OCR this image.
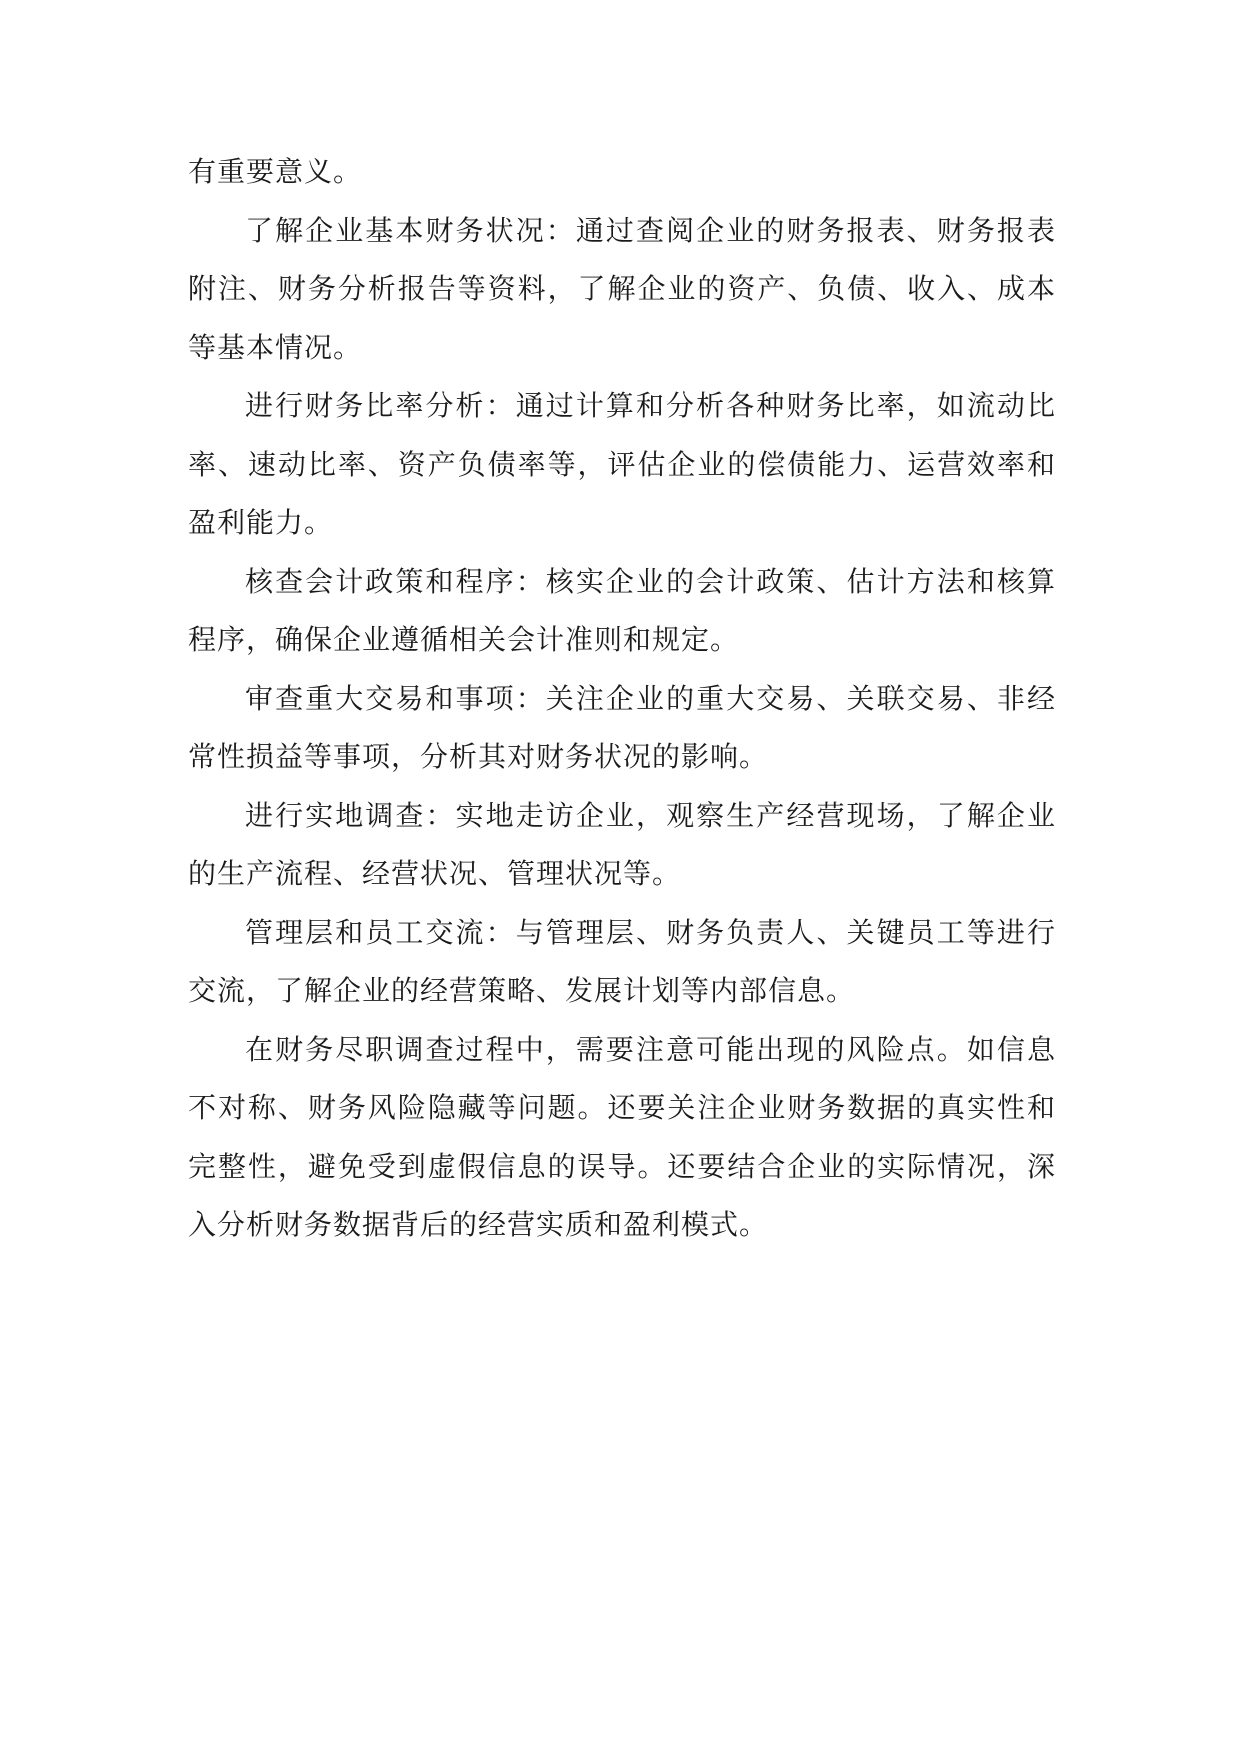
有重要意义。

了解企业基本财务状况：通过查阅企业的财务报表、财务报表附注、财务分析报告等资料，了解企业的资产、负债、收入、成本等基本情况。

进行财务比率分析：通过计算和分析各种财务比率，如流动比率、速动比率、资产负债率等，评估企业的偿债能力、运营效率和盈利能力。

核查会计政策和程序：核实企业的会计政策、估计方法和核算程序，确保企业遵循相关会计准则和规定。

审查重大交易和事项：关注企业的重大交易、关联交易、非经常性损益等事项，分析其对财务状况的影响。

进行实地调查：实地走访企业，观察生产经营现场，了解企业的生产流程、经营状况、管理状况等。

管理层和员工交流：与管理层、财务负责人、关键员工等进行交流，了解企业的经营策略、发展计划等内部信息。

在财务尽职调查过程中，需要注意可能出现的风险点。如信息不对称、财务风险隐藏等问题。还要关注企业财务数据的真实性和完整性，避免受到虚假信息的误导。还要结合企业的实际情况，深入分析财务数据背后的经营实质和盈利模式。
